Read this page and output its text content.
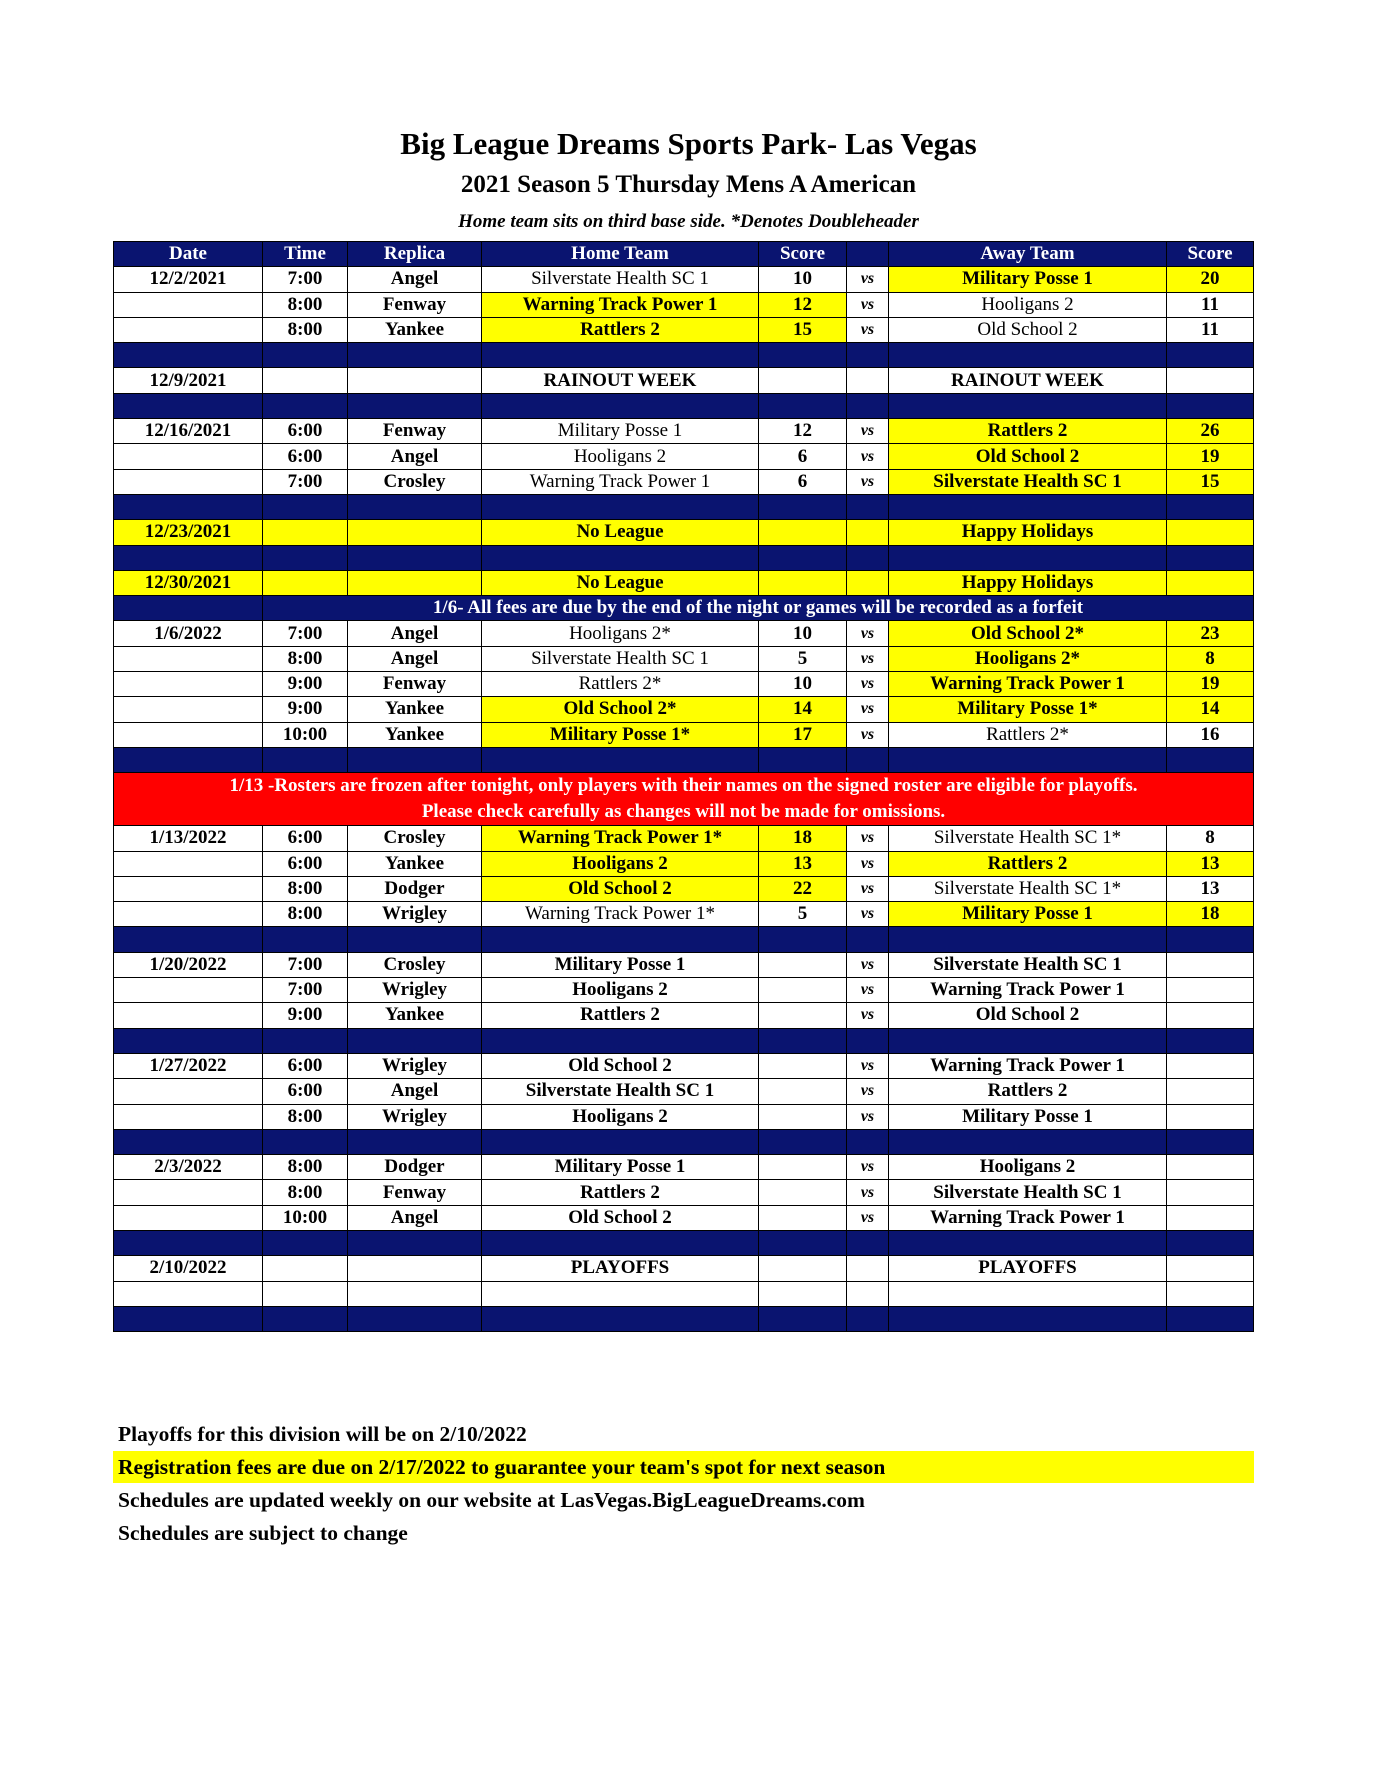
Big League Dreams Sports Park- Las Vegas
2021 Season 5 Thursday Mens A American
Home team sits on third base side. *Denotes Doubleheader
Date	Time	Replica	Home Team	Score		Away Team	Score
12/2/2021	7:00	Angel	Silverstate Health SC 1	10	vs	Military Posse 1	20
	8:00	Fenway	Warning Track Power 1	12	vs	Hooligans 2	11
	8:00	Yankee	Rattlers 2	15	vs	Old School 2	11

12/9/2021			RAINOUT WEEK			RAINOUT WEEK	

12/16/2021	6:00	Fenway	Military Posse 1	12	vs	Rattlers 2	26
	6:00	Angel	Hooligans 2	6	vs	Old School 2	19
	7:00	Crosley	Warning Track Power 1	6	vs	Silverstate Health SC 1	15

12/23/2021			No League			Happy Holidays	

12/30/2021			No League			Happy Holidays	
	1/6- All fees are due by the end of the night or games will be recorded as a forfeit						
1/6/2022	7:00	Angel	Hooligans 2*	10	vs	Old School 2*	23
	8:00	Angel	Silverstate Health SC 1	5	vs	Hooligans 2*	8
	9:00	Fenway	Rattlers 2*	10	vs	Warning Track Power 1	19
	9:00	Yankee	Old School 2*	14	vs	Military Posse 1*	14
	10:00	Yankee	Military Posse 1*	17	vs	Rattlers 2*	16

1/13 -Rosters are frozen after tonight, only players with their names on the signed roster are eligible for playoffs.
Please check carefully as changes will not be made for omissions.							

1/13/2022	6:00	Crosley	Warning Track Power 1*	18	vs	Silverstate Health SC 1*	8
	6:00	Yankee	Hooligans 2	13	vs	Rattlers 2	13
	8:00	Dodger	Old School 2	22	vs	Silverstate Health SC 1*	13
	8:00	Wrigley	Warning Track Power 1*	5	vs	Military Posse 1	18

1/20/2022	7:00	Crosley	Military Posse 1		vs	Silverstate Health SC 1	
	7:00	Wrigley	Hooligans 2		vs	Warning Track Power 1	
	9:00	Yankee	Rattlers 2		vs	Old School 2	

1/27/2022	6:00	Wrigley	Old School 2		vs	Warning Track Power 1	
	6:00	Angel	Silverstate Health SC 1		vs	Rattlers 2	
	8:00	Wrigley	Hooligans 2		vs	Military Posse 1	

2/3/2022	8:00	Dodger	Military Posse 1		vs	Hooligans 2	
	8:00	Fenway	Rattlers 2		vs	Silverstate Health SC 1	
	10:00	Angel	Old School 2		vs	Warning Track Power 1	

2/10/2022			PLAYOFFS			PLAYOFFS	

Playoffs for this division will be on 2/10/2022
Registration fees are due on 2/17/2022 to guarantee your team's spot for next season
Schedules are updated weekly on our website at LasVegas.BigLeagueDreams.com
Schedules are subject to change
